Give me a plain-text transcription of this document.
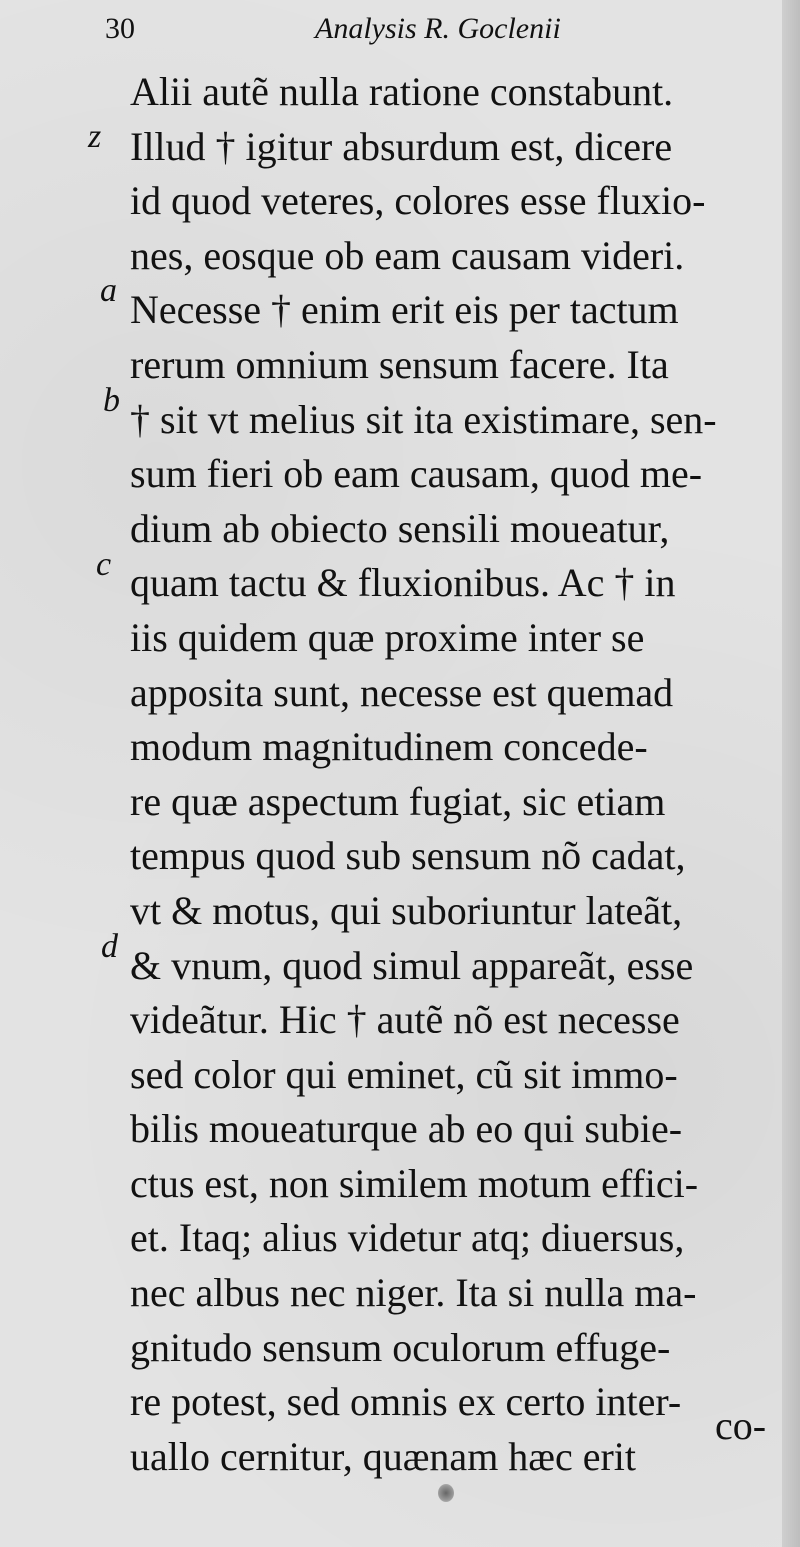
30	Analysis R. Goclenii
z
a
b
c
d
Alii autẽ nulla ratione constabunt.
Illud † igitur absurdum est, dicere
id quod veteres, colores esse fluxio-
nes, eosque ob eam causam videri.
Necesse † enim erit eis per tactum
rerum omnium sensum facere. Ita
† sit vt melius sit ita existimare, sen-
sum fieri ob eam causam, quod me-
dium ab obiecto sensili moueatur,
quam tactu & fluxionibus. Ac † in
iis quidem quæ proxime inter se
apposita sunt, necesse est quemad
modum magnitudinem concede-
re quæ aspectum fugiat, sic etiam
tempus quod sub sensum nõ cadat,
vt & motus, qui suboriuntur lateãt,
& vnum, quod simul appareãt, esse
videãtur. Hic † autẽ nõ est necesse
sed color qui eminet, cũ sit immo-
bilis moueaturque ab eo qui subie-
ctus est, non similem motum effici-
et. Itaq; alius videtur atq; diuersus,
nec albus nec niger. Ita si nulla ma-
gnitudo sensum oculorum effuge-
re potest, sed omnis ex certo inter-
uallo cernitur, quænam hæc erit
co-
